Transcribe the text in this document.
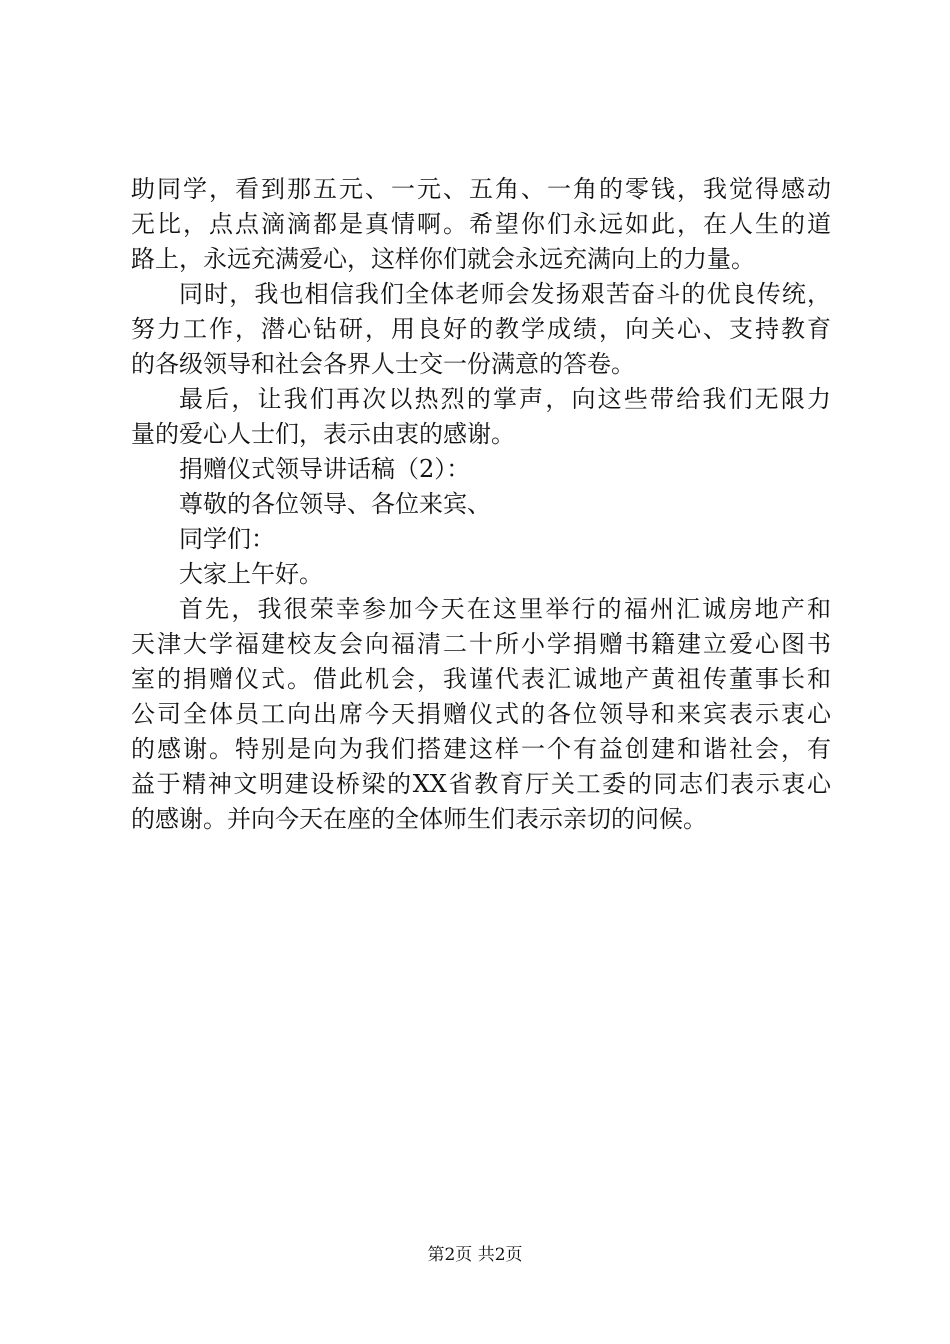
助同学，看到那五元、一元、五角、一角的零钱，我觉得感动
无比，点点滴滴都是真情啊。希望你们永远如此，在人生的道
路上，永远充满爱心，这样你们就会永远充满向上的力量。
同时，我也相信我们全体老师会发扬艰苦奋斗的优良传统，
努力工作，潜心钻研，用良好的教学成绩，向关心、支持教育
的各级领导和社会各界人士交一份满意的答卷。
最后，让我们再次以热烈的掌声，向这些带给我们无限力
量的爱心人士们，表示由衷的感谢。
捐赠仪式领导讲话稿（2）：
尊敬的各位领导、各位来宾、
同学们：
大家上午好。
首先，我很荣幸参加今天在这里举行的福州汇诚房地产和
天津大学福建校友会向福清二十所小学捐赠书籍建立爱心图书
室的捐赠仪式。借此机会，我谨代表汇诚地产黄祖传董事长和
公司全体员工向出席今天捐赠仪式的各位领导和来宾表示衷心
的感谢。特别是向为我们搭建这样一个有益创建和谐社会，有
益于精神文明建设桥梁的XX省教育厅关工委的同志们表示衷心
的感谢。并向今天在座的全体师生们表示亲切的问候。
第2页 共2页
